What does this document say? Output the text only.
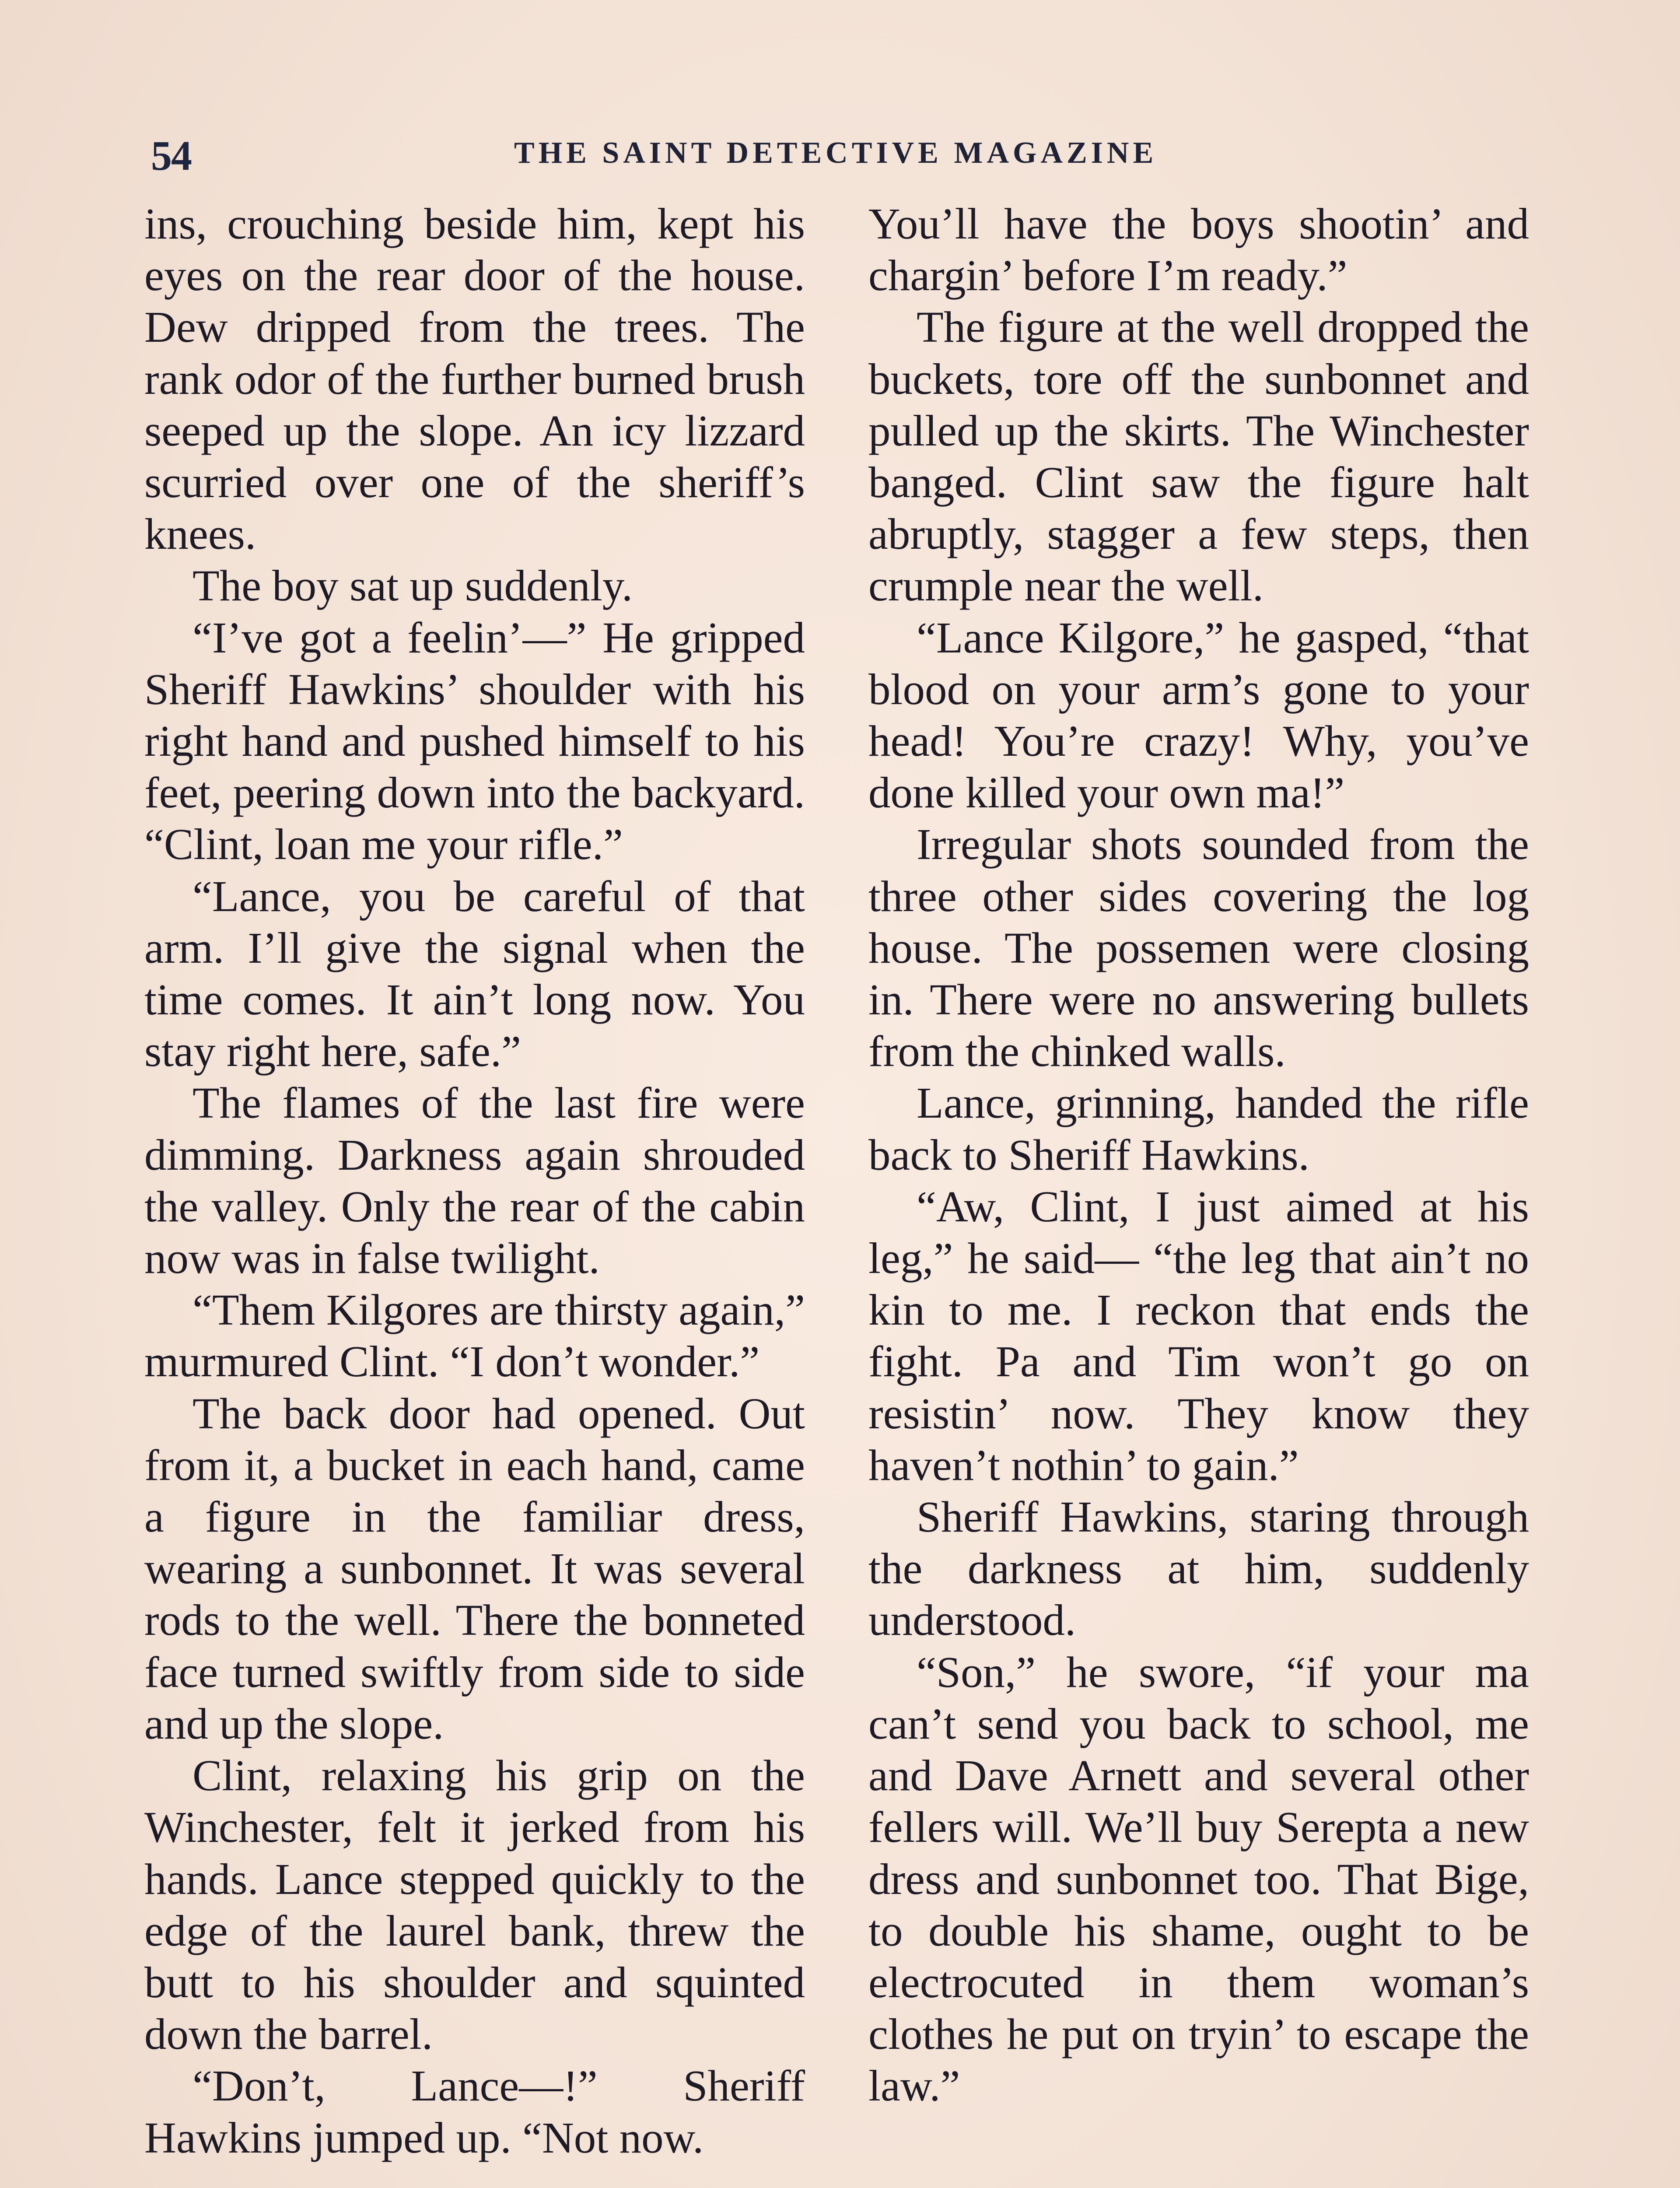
54	THE SAINT DETECTIVE MAGAZINE

ins, crouching beside him, kept his eyes on the rear door of the house. Dew dripped from the trees. The rank odor of the further burned brush seeped up the slope. An icy lizzard scurried over one of the sheriff’s knees.

The boy sat up suddenly.

“I’ve got a feelin’—” He gripped Sheriff Hawkins’ shoulder with his right hand and pushed himself to his feet, peering down into the backyard. “Clint, loan me your rifle.”

“Lance, you be careful of that arm. I’ll give the signal when the time comes. It ain’t long now. You stay right here, safe.”

The flames of the last fire were dimming. Darkness again shrouded the valley. Only the rear of the cabin now was in false twilight.

“Them Kilgores are thirsty again,” murmured Clint. “I don’t wonder.”

The back door had opened. Out from it, a bucket in each hand, came a figure in the familiar dress, wearing a sunbonnet. It was several rods to the well. There the bonneted face turned swiftly from side to side and up the slope.

Clint, relaxing his grip on the Winchester, felt it jerked from his hands. Lance stepped quickly to the edge of the laurel bank, threw the butt to his shoulder and squinted down the barrel.

“Don’t, Lance—!” Sheriff Hawkins jumped up. “Not now.

You’ll have the boys shootin’ and chargin’ before I’m ready.”

The figure at the well dropped the buckets, tore off the sunbonnet and pulled up the skirts. The Winchester banged. Clint saw the figure halt abruptly, stagger a few steps, then crumple near the well.

“Lance Kilgore,” he gasped, “that blood on your arm’s gone to your head! You’re crazy! Why, you’ve done killed your own ma!”

Irregular shots sounded from the three other sides covering the log house. The possemen were closing in. There were no answering bullets from the chinked walls.

Lance, grinning, handed the rifle back to Sheriff Hawkins.

“Aw, Clint, I just aimed at his leg,” he said— “the leg that ain’t no kin to me. I reckon that ends the fight. Pa and Tim won’t go on resistin’ now. They know they haven’t nothin’ to gain.”

Sheriff Hawkins, staring through the darkness at him, suddenly understood.

“Son,” he swore, “if your ma can’t send you back to school, me and Dave Arnett and several other fellers will. We’ll buy Serepta a new dress and sunbonnet too. That Bige, to double his shame, ought to be electrocuted in them woman’s clothes he put on tryin’ to escape the law.”
